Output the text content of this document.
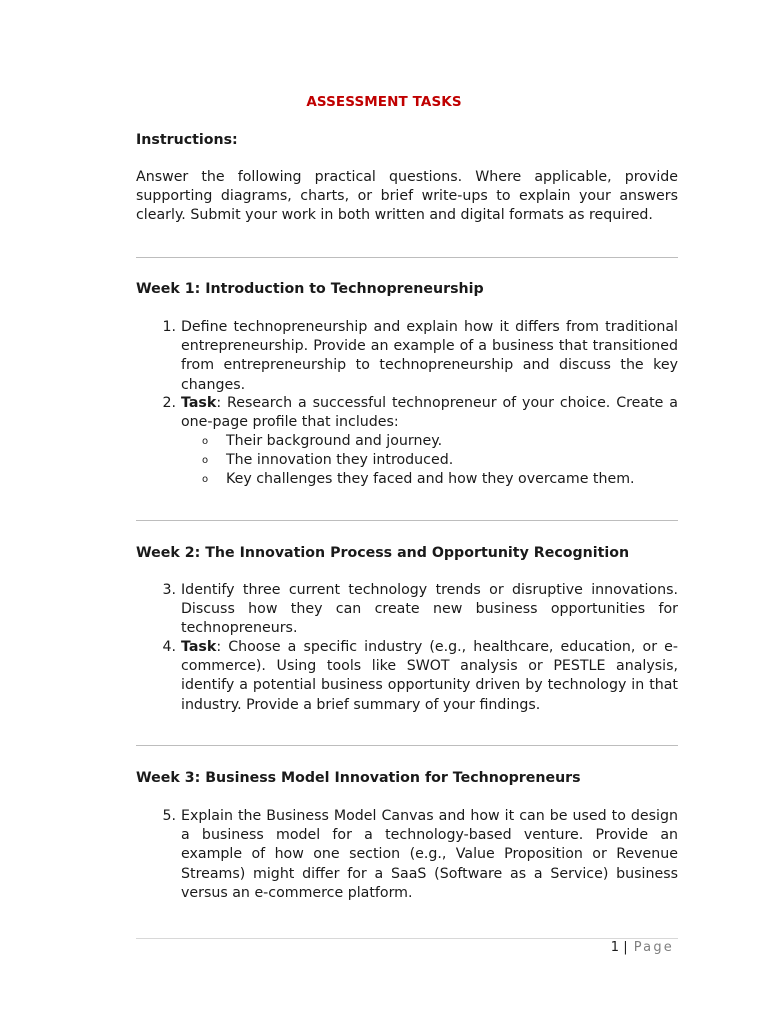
ASSESSMENT TASKS
Instructions:
Answer the following practical questions. Where applicable, provide supporting diagrams, charts, or brief write-ups to explain your answers clearly. Submit your work in both written and digital formats as required.
Week 1: Introduction to Technopreneurship
1. Define technopreneurship and explain how it differs from traditional entrepreneurship. Provide an example of a business that transitioned from entrepreneurship to technopreneurship and discuss the key changes.
2. Task: Research a successful technopreneur of your choice. Create a one-page profile that includes:
o Their background and journey.
o The innovation they introduced.
o Key challenges they faced and how they overcame them.
Week 2: The Innovation Process and Opportunity Recognition
3. Identify three current technology trends or disruptive innovations. Discuss how they can create new business opportunities for technopreneurs.
4. Task: Choose a specific industry (e.g., healthcare, education, or e-commerce). Using tools like SWOT analysis or PESTLE analysis, identify a potential business opportunity driven by technology in that industry. Provide a brief summary of your findings.
Week 3: Business Model Innovation for Technopreneurs
5. Explain the Business Model Canvas and how it can be used to design a business model for a technology-based venture. Provide an example of how one section (e.g., Value Proposition or Revenue Streams) might differ for a SaaS (Software as a Service) business versus an e-commerce platform.
1 | Page
